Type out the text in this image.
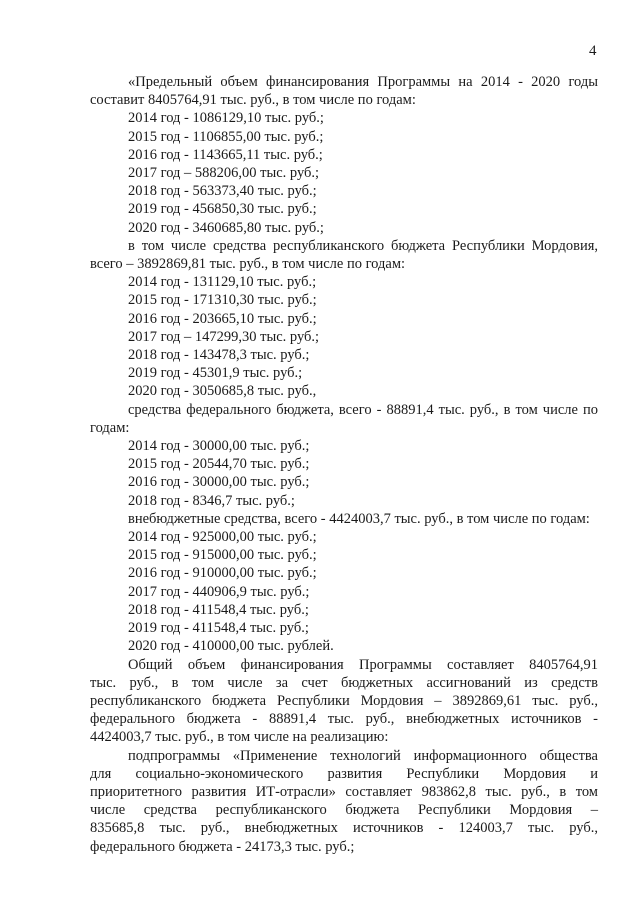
4

«Предельный объем финансирования Программы на 2014 - 2020 годы составит 8405764,91 тыс. руб., в том числе по годам:

2014 год - 1086129,10 тыс. руб.;

2015 год - 1106855,00 тыс. руб.;

2016 год - 1143665,11 тыс. руб.;

2017 год – 588206,00 тыс. руб.;

2018 год - 563373,40 тыс. руб.;

2019 год - 456850,30 тыс. руб.;

2020 год - 3460685,80 тыс. руб.;

в том числе средства республиканского бюджета Республики Мордовия, всего – 3892869,81 тыс. руб., в том числе по годам:

2014 год - 131129,10 тыс. руб.;

2015 год - 171310,30 тыс. руб.;

2016 год - 203665,10 тыс. руб.;

2017 год – 147299,30 тыс. руб.;

2018 год - 143478,3 тыс. руб.;

2019 год - 45301,9 тыс. руб.;

2020 год - 3050685,8 тыс. руб.,

средства федерального бюджета, всего - 88891,4 тыс. руб., в том числе по годам:

2014 год - 30000,00 тыс. руб.;

2015 год - 20544,70 тыс. руб.;

2016 год - 30000,00 тыс. руб.;

2018 год - 8346,7 тыс. руб.;

внебюджетные средства, всего - 4424003,7 тыс. руб., в том числе по годам:

2014 год - 925000,00 тыс. руб.;

2015 год - 915000,00 тыс. руб.;

2016 год - 910000,00 тыс. руб.;

2017 год - 440906,9 тыс. руб.;

2018 год - 411548,4 тыс. руб.;

2019 год - 411548,4 тыс. руб.;

2020 год - 410000,00 тыс. рублей.

Общий объем финансирования Программы составляет 8405764,91
тыс. руб., в том числе за счет бюджетных ассигнований из средств
республиканского бюджета Республики Мордовия – 3892869,61 тыс. руб.,
федерального бюджета - 88891,4 тыс. руб., внебюджетных источников -
4424003,7 тыс. руб., в том числе на реализацию:
подпрограммы «Применение технологий информационного общества
для социально-экономического развития Республики Мордовия и
приоритетного развития ИТ-отрасли» составляет 983862,8 тыс. руб., в том
числе средства республиканского бюджета Республики Мордовия –
835685,8 тыс. руб., внебюджетных источников - 124003,7 тыс. руб.,
федерального бюджета - 24173,3 тыс. руб.;
